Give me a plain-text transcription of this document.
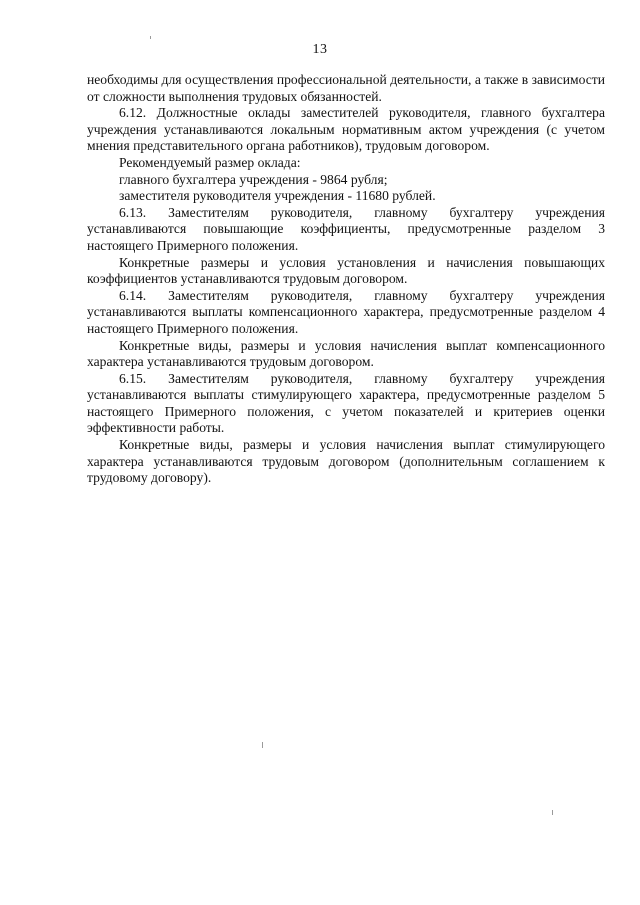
13

необходимы для осуществления профессиональной деятельности, а также в зависимости от сложности выполнения трудовых обязанностей.

6.12. Должностные оклады заместителей руководителя, главного бухгалтера учреждения устанавливаются локальным нормативным актом учреждения (с учетом мнения представительного органа работников), трудовым договором.

Рекомендуемый размер оклада:

главного бухгалтера учреждения - 9864 рубля;

заместителя руководителя учреждения - 11680 рублей.

6.13. Заместителям руководителя, главному бухгалтеру учреждения устанавливаются повышающие коэффициенты, предусмотренные разделом 3 настоящего Примерного положения.

Конкретные размеры и условия установления и начисления повышающих коэффициентов устанавливаются трудовым договором.

6.14. Заместителям руководителя, главному бухгалтеру учреждения устанавливаются выплаты компенсационного характера, предусмотренные разделом 4 настоящего Примерного положения.

Конкретные виды, размеры и условия начисления выплат компенсационного характера устанавливаются трудовым договором.

6.15. Заместителям руководителя, главному бухгалтеру учреждения устанавливаются выплаты стимулирующего характера, предусмотренные разделом 5 настоящего Примерного положения, с учетом показателей и критериев оценки эффективности работы.

Конкретные виды, размеры и условия начисления выплат стимулирующего характера устанавливаются трудовым договором (дополнительным соглашением к трудовому договору).
